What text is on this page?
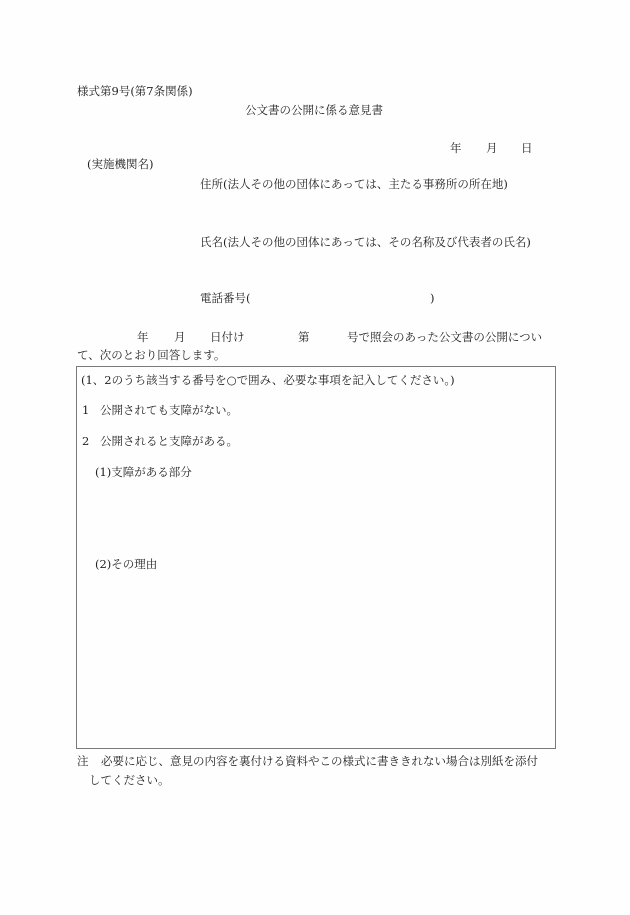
様式第9号(第7条関係)
公文書の公開に係る意見書
年 月 日
(実施機関名)
住所(法人その他の団体にあっては、主たる事務所の所在地)
氏名(法人その他の団体にあっては、その名称及び代表者の氏名)
電話番号(	)
年 月 日付け	第	号で照会のあった公文書の公開につい
て、次のとおり回答します。
(1、2のうち該当する番号を○で囲み、必要な事項を記入してください。)
1 公開されても支障がない。
2 公開されると支障がある。
(1)支障がある部分
(2)その理由
注 必要に応じ、意見の内容を裏付ける資料やこの様式に書ききれない場合は別紙を添付
してください。
